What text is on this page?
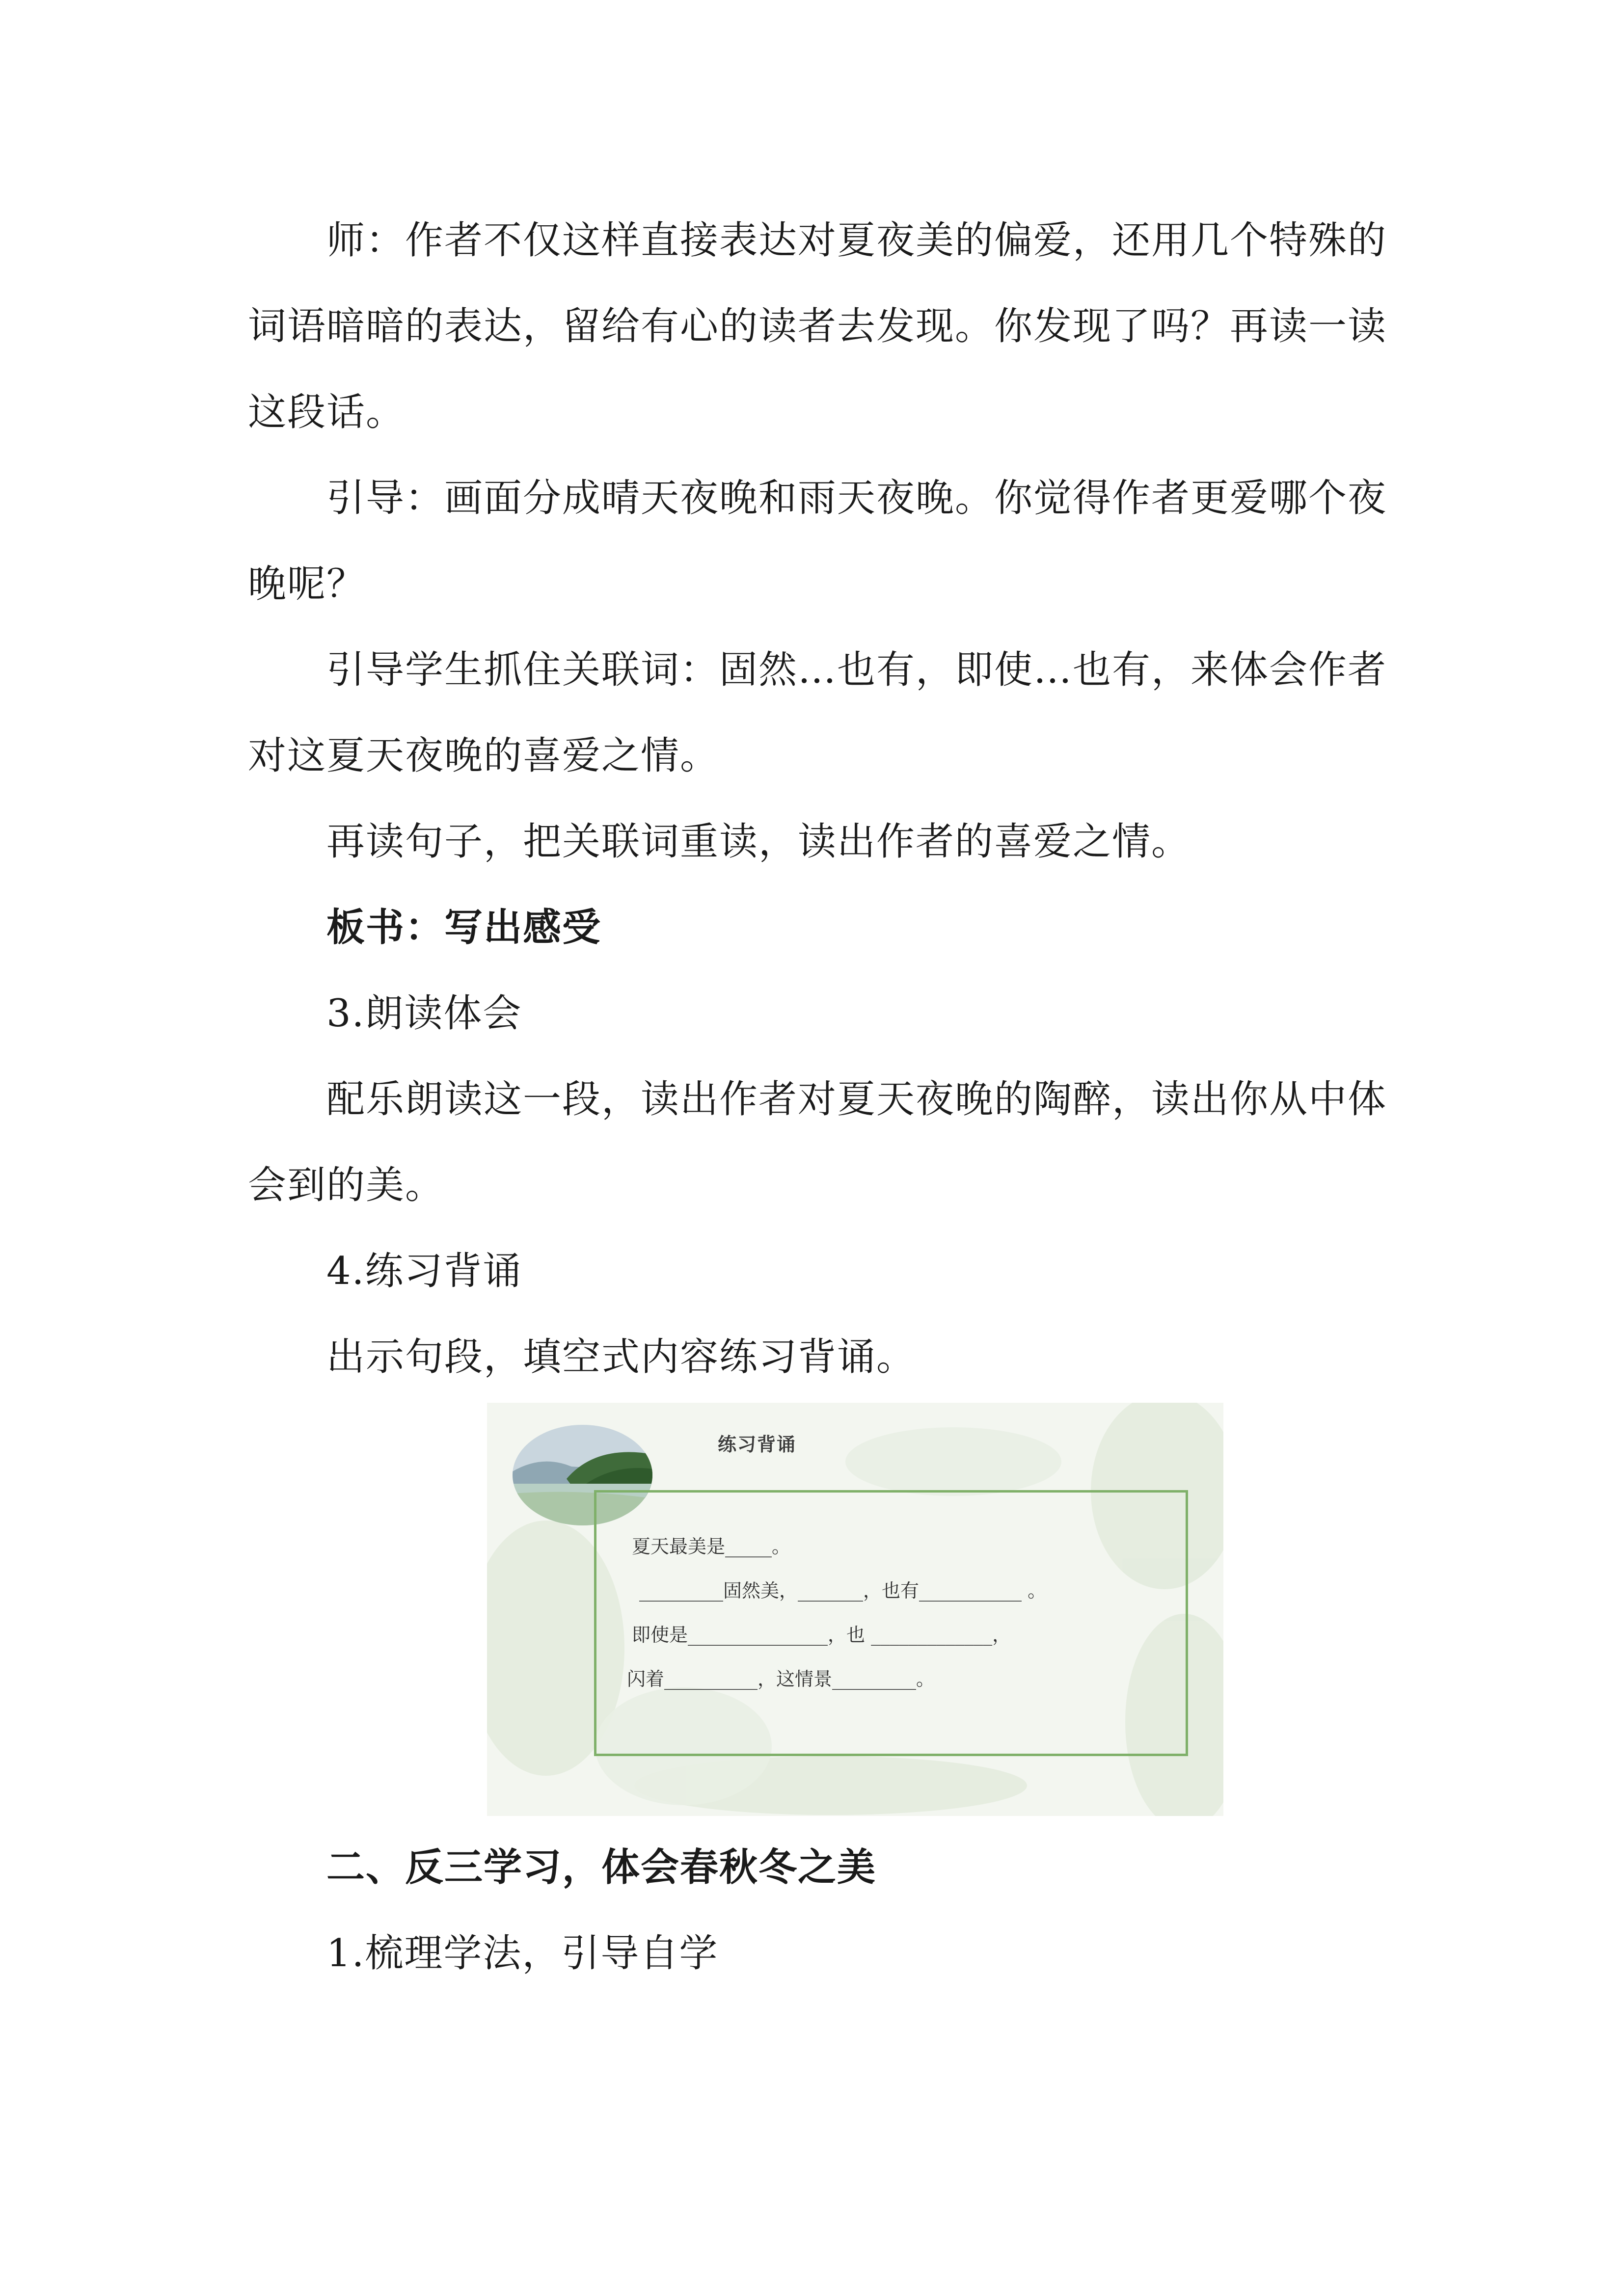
师：作者不仅这样直接表达对夏夜美的偏爱，还用几个特殊的
词语暗暗的表达，留给有心的读者去发现。你发现了吗？再读一读
这段话。
引导：画面分成晴天夜晚和雨天夜晚。你觉得作者更爱哪个夜
晚呢？
引导学生抓住关联词：固然…也有，即使…也有，来体会作者
对这夏天夜晚的喜爱之情。
再读句子，把关联词重读，读出作者的喜爱之情。
板书：写出感受
3.朗读体会
配乐朗读这一段，读出作者对夏天夜晚的陶醉，读出你从中体
会到的美。
4.练习背诵
出示句段，填空式内容练习背诵。
练习背诵
夏天最美是_____。
_________固然美，_______，也有___________ 。
即使是_______________，也 _____________，
闪着__________，这情景_________。
二、反三学习，体会春秋冬之美
1.梳理学法，引导自学
